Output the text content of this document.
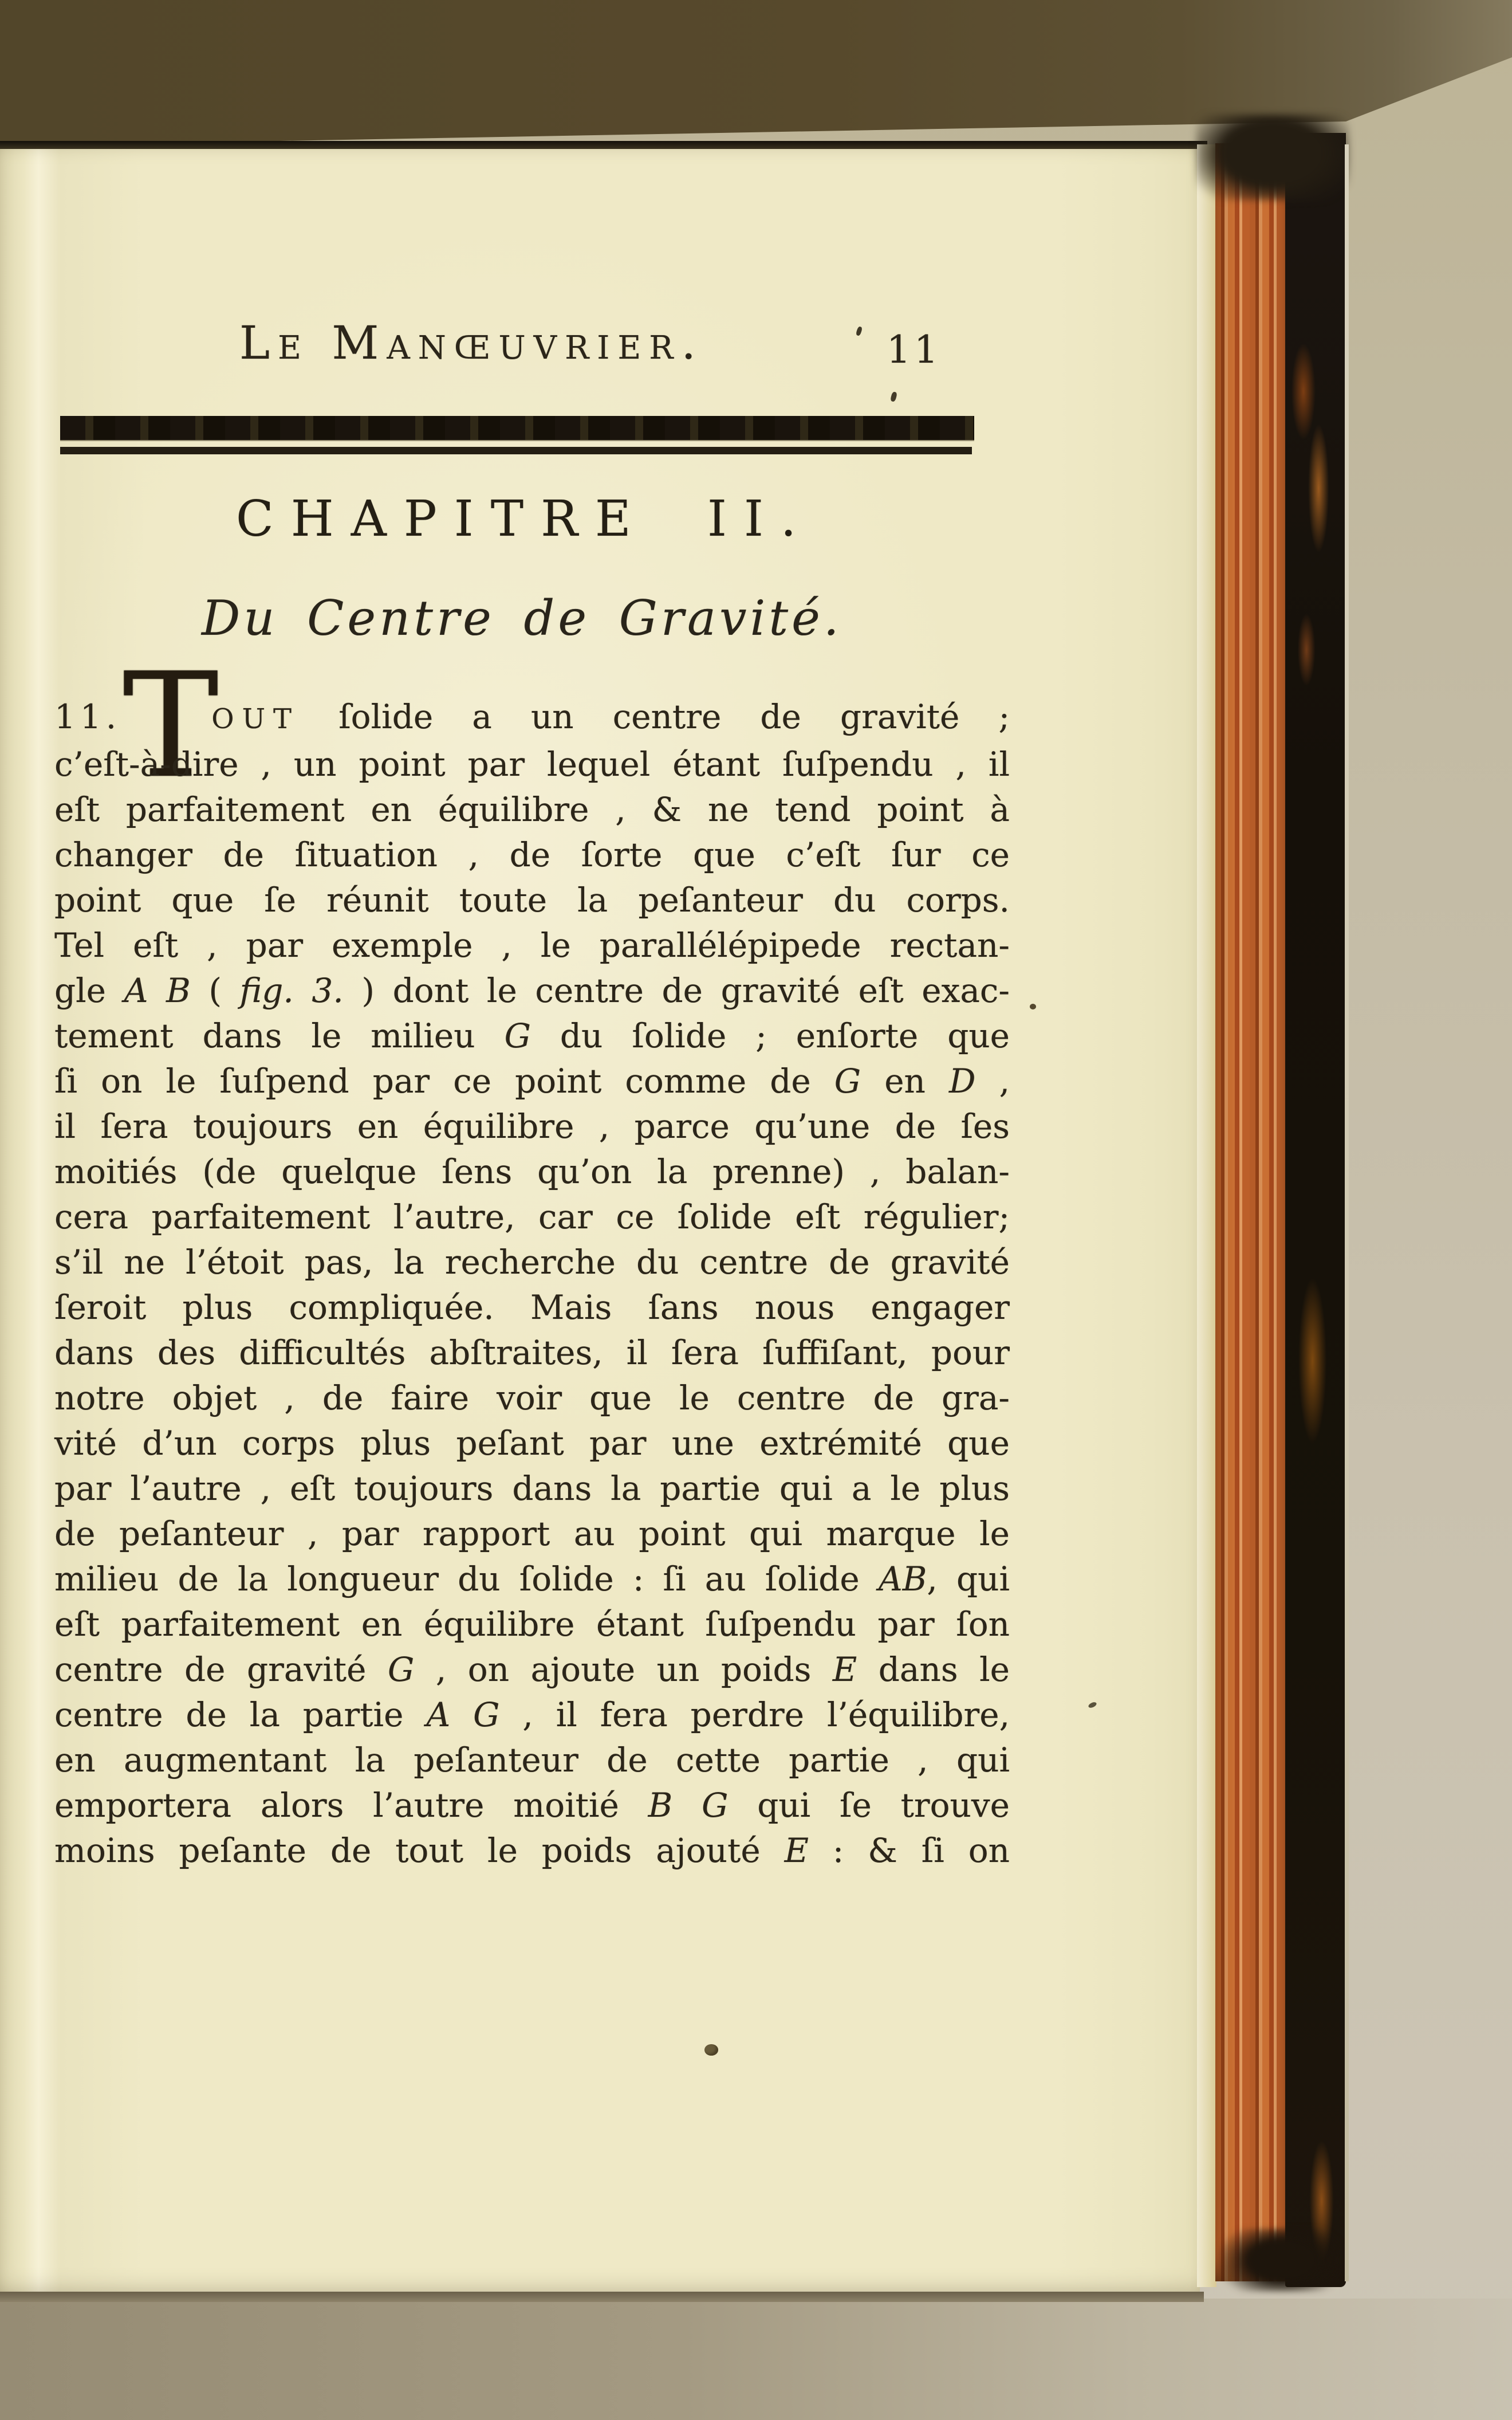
Le Manœuvrier.	11
CHAPITRE II.
Du Centre de Gravité.
T
11.	OUT ſolide a un centre de gravité ;
c’eſt-à-dire , un point par lequel étant ſuſpendu , il
eſt parfaitement en équilibre , & ne tend point à
changer de ſituation , de ſorte que c’eſt ſur ce
point que ſe réunit toute la peſanteur du corps.
Tel eſt , par exemple , le parallélépipede rectan-
gle A B ( fig. 3. ) dont le centre de gravité eſt exac-
tement dans le milieu G du ſolide ; enſorte que
ſi on le ſuſpend par ce point comme de G en D ,
il ſera toujours en équilibre , parce qu’une de ſes
moitiés (de quelque ſens qu’on la prenne) , balan-
cera parfaitement l’autre, car ce ſolide eſt régulier;
s’il ne l’étoit pas, la recherche du centre de gravité
ſeroit plus compliquée. Mais ſans nous engager
dans des difficultés abſtraites, il ſera ſuffiſant, pour
notre objet , de faire voir que le centre de gra-
vité d’un corps plus peſant par une extrémité que
par l’autre , eſt toujours dans la partie qui a le plus
de peſanteur , par rapport au point qui marque le
milieu de la longueur du ſolide : ſi au ſolide AB, qui
eſt parfaitement en équilibre étant ſuſpendu par ſon
centre de gravité G , on ajoute un poids E dans le
centre de la partie A G , il fera perdre l’équilibre,
en augmentant la peſanteur de cette partie , qui
emportera alors l’autre moitié B G qui ſe trouve
moins peſante de tout le poids ajouté E : & ſi on
